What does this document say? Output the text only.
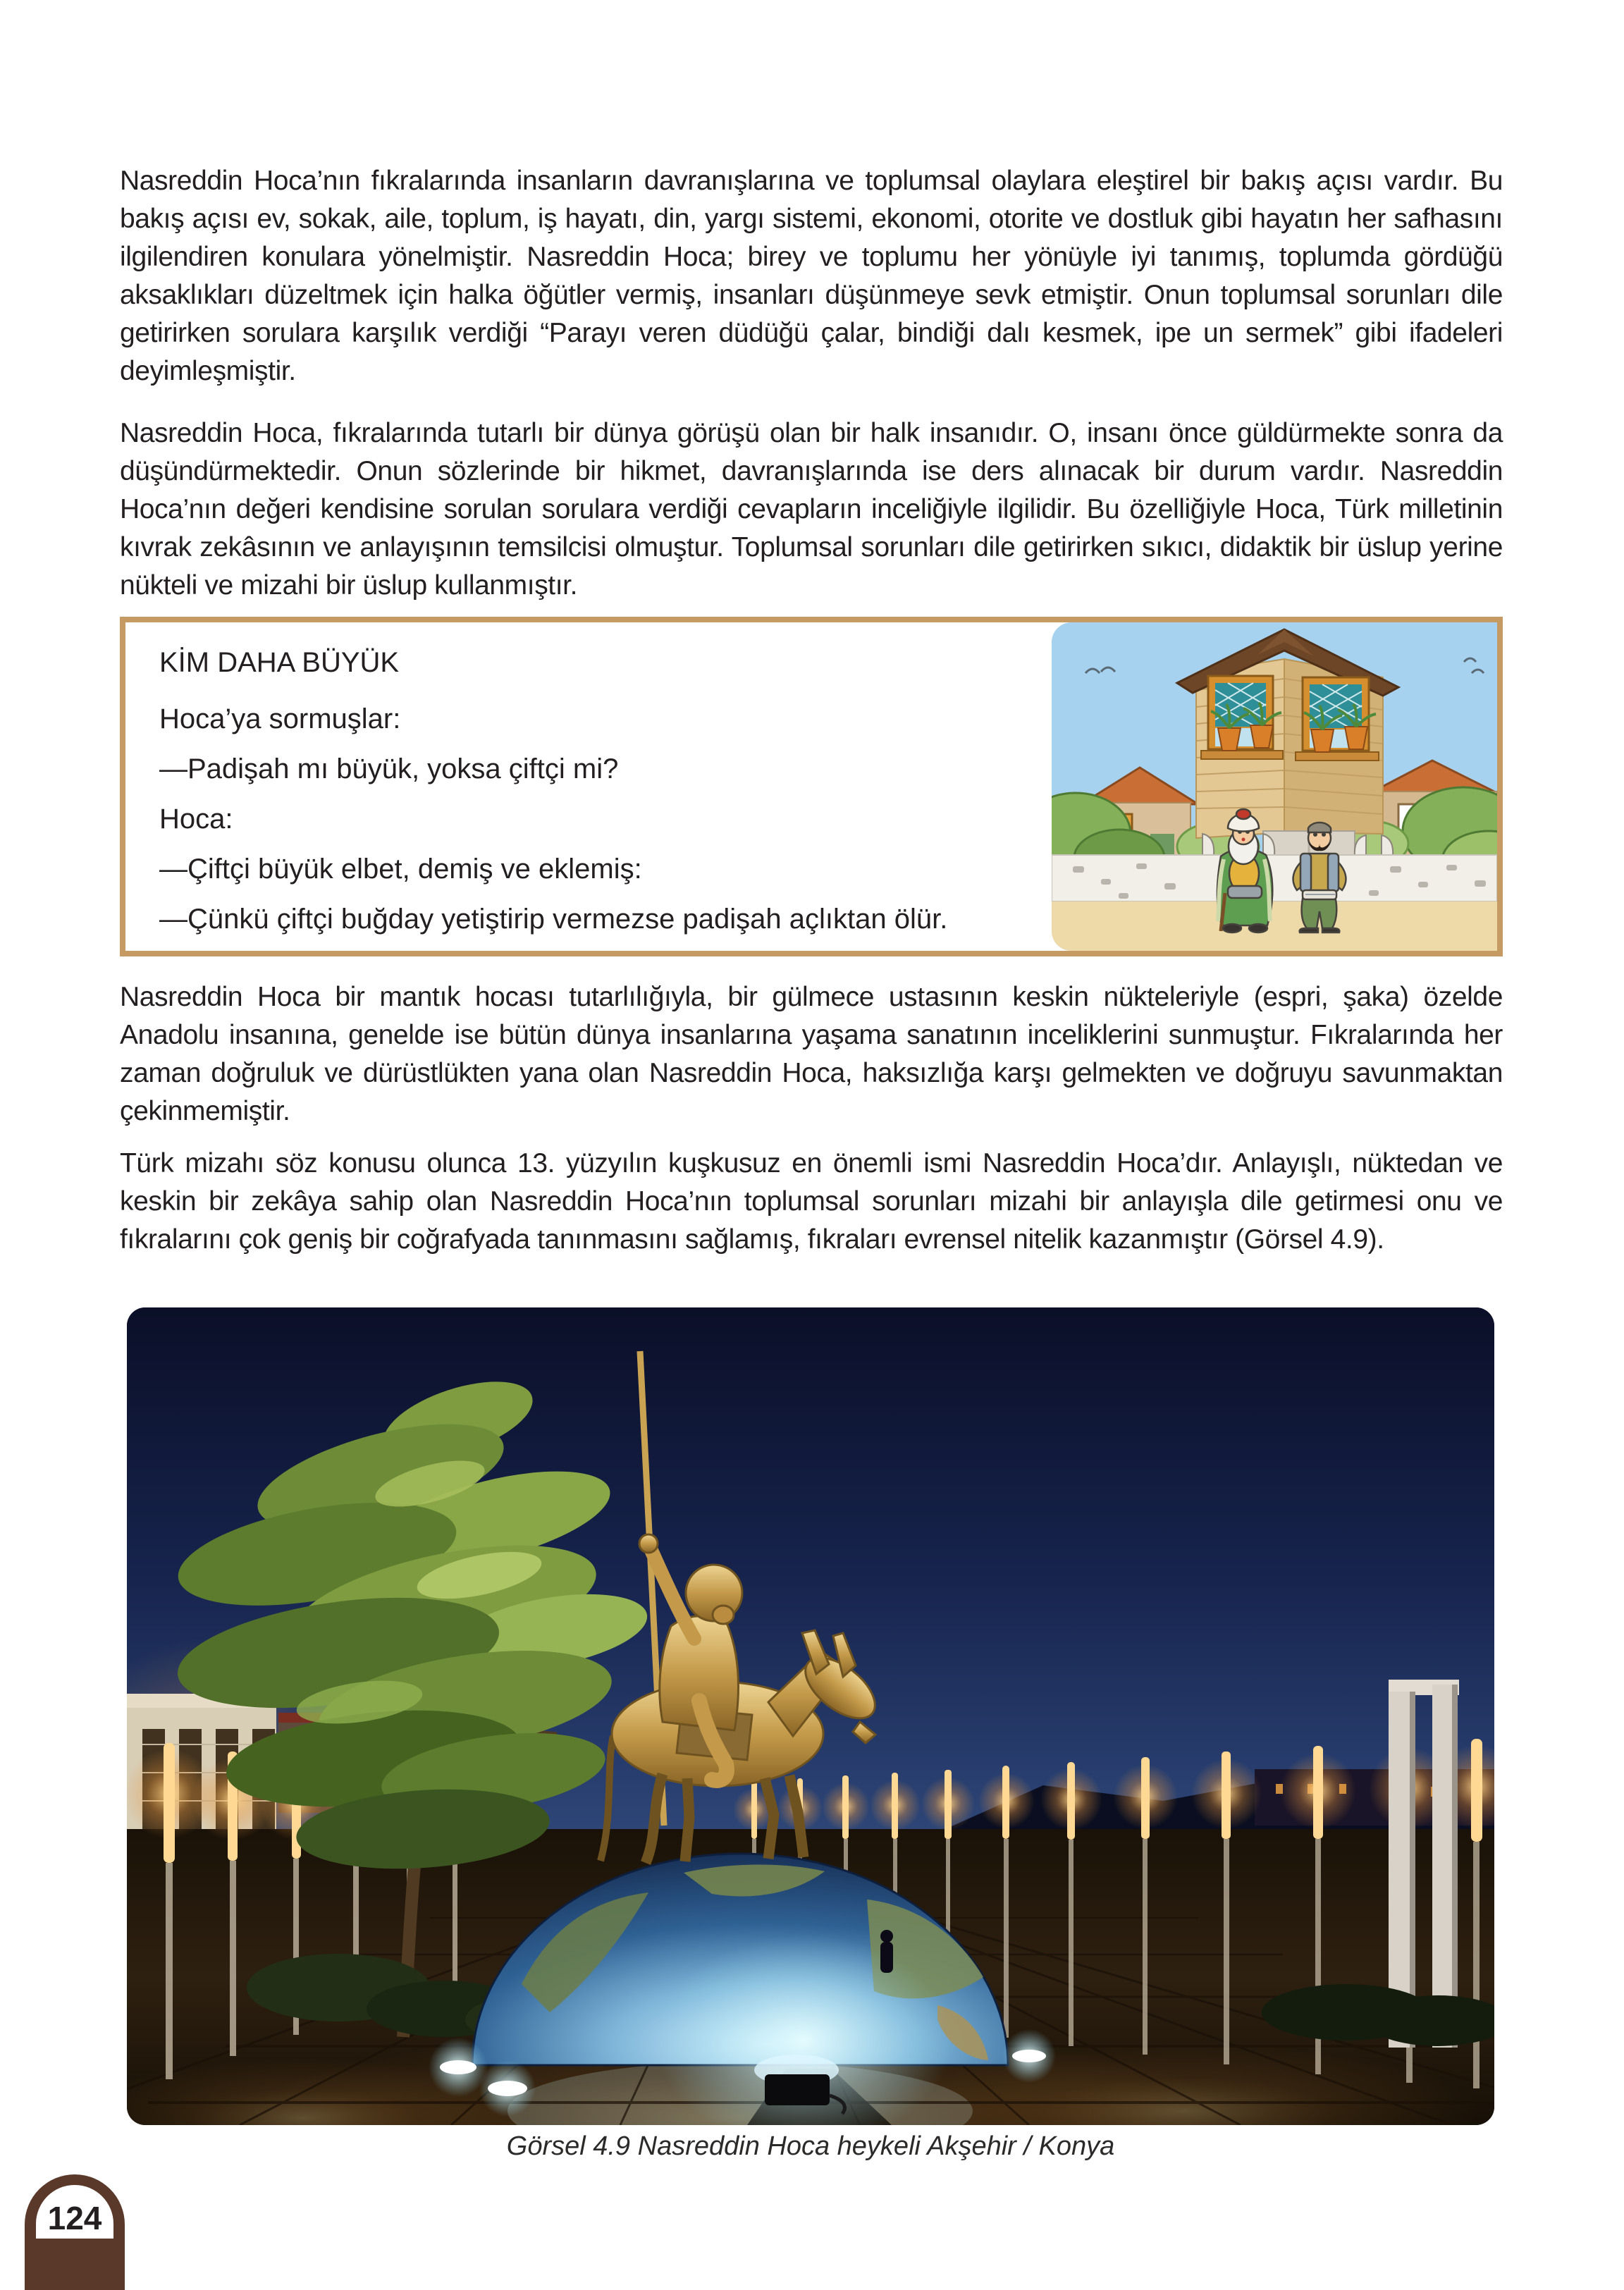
Nasreddin Hoca’nın fıkralarında insanların davranışlarına ve toplumsal olaylara eleştirel bir bakış açısı vardır. Bu bakış açısı ev, sokak, aile, toplum, iş hayatı, din, yargı sistemi, ekonomi, otorite ve dostluk gibi hayatın her safhasını ilgilendiren konulara yönelmiştir. Nasreddin Hoca; birey ve toplumu her yönüyle iyi tanımış, toplumda gördüğü aksaklıkları düzeltmek için halka öğütler vermiş, insanları düşünmeye sevk etmiştir. Onun toplumsal sorunları dile getirirken sorulara karşılık verdiği “Parayı veren düdüğü çalar, bindiği dalı kesmek, ipe un sermek” gibi ifadeleri deyimleşmiştir.

Nasreddin Hoca, fıkralarında tutarlı bir dünya görüşü olan bir halk insanıdır. O, insanı önce güldürmekte sonra da düşündürmektedir. Onun sözlerinde bir hikmet, davranışlarında ise ders alınacak bir durum vardır. Nasreddin Hoca’nın değeri kendisine sorulan sorulara verdiği cevapların inceliğiyle ilgilidir. Bu özelliğiyle Hoca, Türk milletinin kıvrak zekâsının ve anlayışının temsilcisi olmuştur. Toplumsal sorunları dile getirirken sıkıcı, didaktik bir üslup yerine nükteli ve mizahi bir üslup kullanmıştır.

KİM DAHA BÜYÜK
Hoca’ya sormuşlar:
—Padişah mı büyük, yoksa çiftçi mi?
Hoca:
—Çiftçi büyük elbet, demiş ve eklemiş:
—Çünkü çiftçi buğday yetiştirip vermezse padişah açlıktan ölür.

Nasreddin Hoca bir mantık hocası tutarlılığıyla, bir gülmece ustasının keskin nükteleriyle (espri, şaka) özelde Anadolu insanına, genelde ise bütün dünya insanlarına yaşama sanatının inceliklerini sunmuştur. Fıkralarında her zaman doğruluk ve dürüstlükten yana olan Nasreddin Hoca, haksızlığa karşı gelmekten ve doğruyu savunmaktan çekinmemiştir.

Türk mizahı söz konusu olunca 13. yüzyılın kuşkusuz en önemli ismi Nasreddin Hoca’dır. Anlayışlı, nüktedan ve keskin bir zekâya sahip olan Nasreddin Hoca’nın toplumsal sorunları mizahi bir anlayışla dile getirmesi onu ve fıkralarını çok geniş bir coğrafyada tanınmasını sağlamış, fıkraları evrensel nitelik kazanmıştır (Görsel 4.9).

Görsel 4.9 Nasreddin Hoca heykeli Akşehir / Konya
124
